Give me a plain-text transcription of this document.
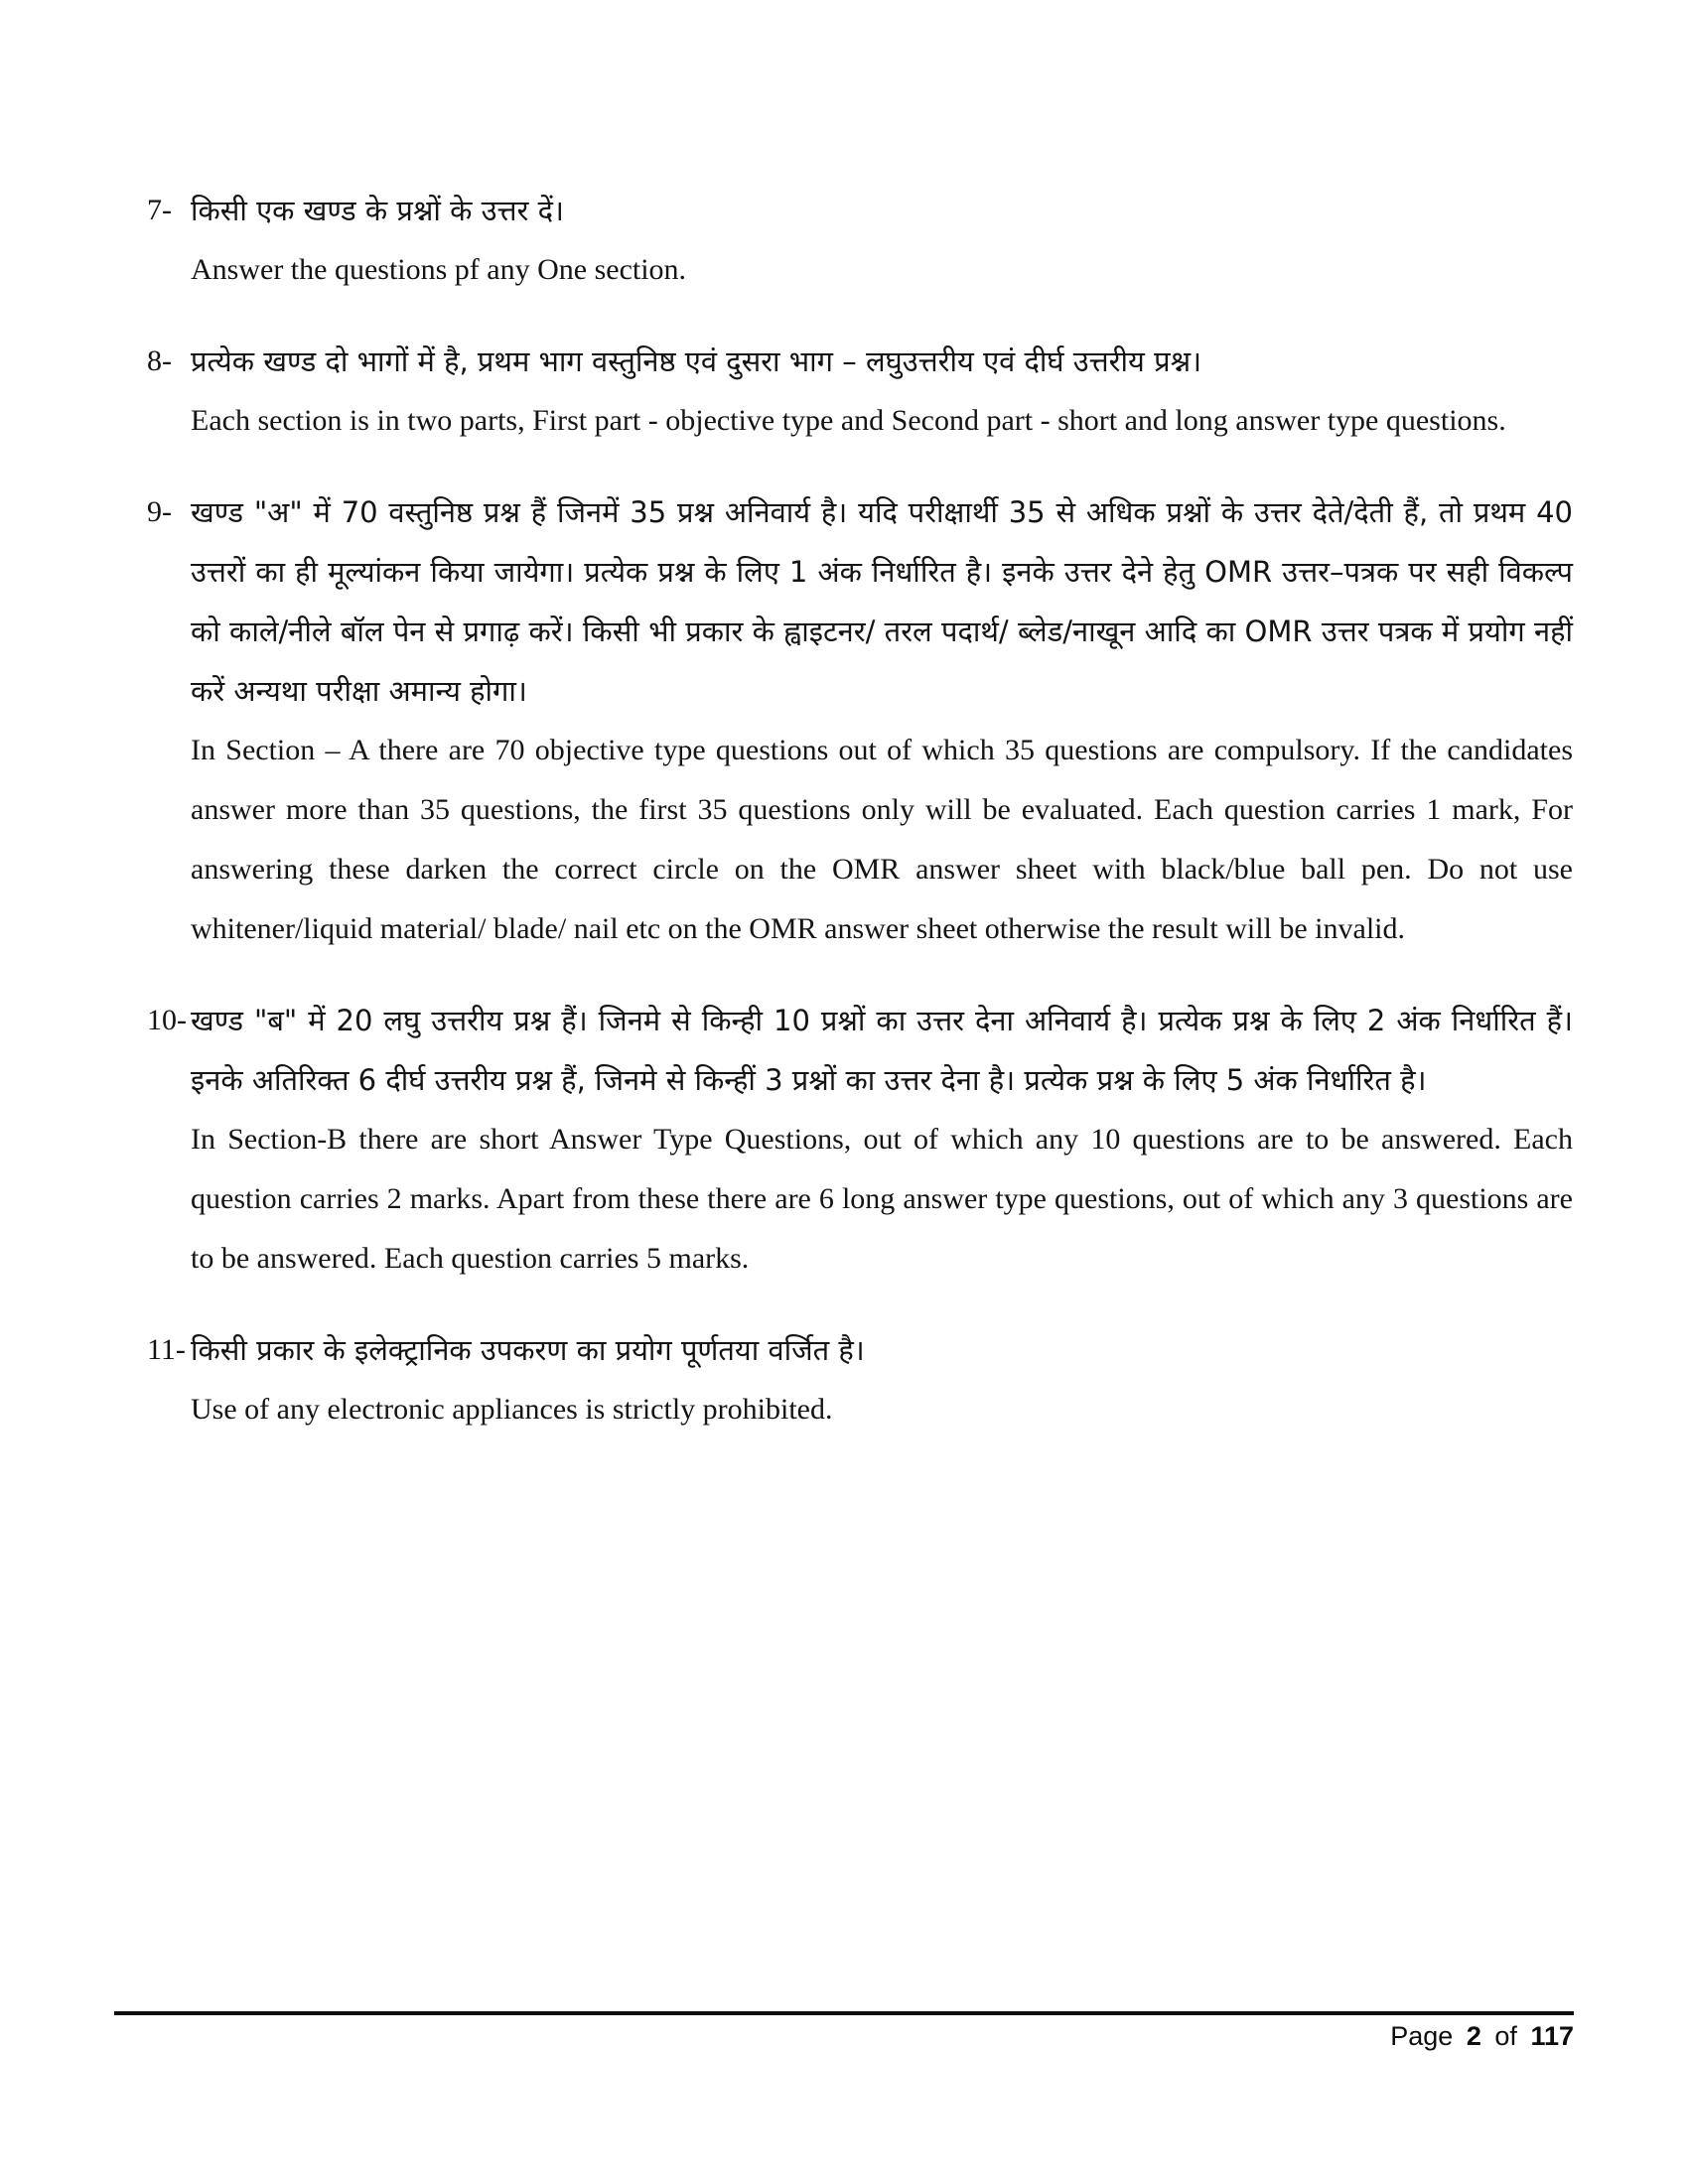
7- किसी एक खण्ड के प्रश्नों के उत्तर दें।

Answer the questions pf any One section.

8- प्रत्येक खण्ड दो भागों में है, प्रथम भाग वस्तुनिष्ठ एवं दुसरा भाग – लघुउत्तरीय एवं दीर्घ उत्तरीय प्रश्न।

Each section is in two parts, First part - objective type and Second part - short and long answer type questions.

9- खण्ड "अ" में 70 वस्तुनिष्ठ प्रश्न हैं जिनमें 35 प्रश्न अनिवार्य है। यदि परीक्षार्थी 35 से अधिक प्रश्नों के उत्तर देते/देती हैं, तो प्रथम 40 उत्तरों का ही मूल्यांकन किया जायेगा। प्रत्येक प्रश्न के लिए 1 अंक निर्धारित है। इनके उत्तर देने हेतु OMR उत्तर–पत्रक पर सही विकल्प को काले/नीले बॉल पेन से प्रगाढ़ करें। किसी भी प्रकार के ह्वाइटनर/ तरल पदार्थ/ ब्लेड/नाखून आदि का OMR उत्तर पत्रक में प्रयोग नहीं करें अन्यथा परीक्षा अमान्य होगा।

In Section – A there are 70 objective type questions out of which 35 questions are compulsory. If the candidates answer more than 35 questions, the first 35 questions only will be evaluated. Each question carries 1 mark, For answering these darken the correct circle on the OMR answer sheet with black/blue ball pen. Do not use whitener/liquid material/ blade/ nail etc on the OMR answer sheet otherwise the result will be invalid.

10- खण्ड "ब" में 20 लघु उत्तरीय प्रश्न हैं। जिनमे से किन्ही 10 प्रश्नों का उत्तर देना अनिवार्य है। प्रत्येक प्रश्न के लिए 2 अंक निर्धारित हैं। इनके अतिरिक्त 6 दीर्घ उत्तरीय प्रश्न हैं, जिनमे से किन्हीं 3 प्रश्नों का उत्तर देना है। प्रत्येक प्रश्न के लिए 5 अंक निर्धारित है।

In Section-B there are short Answer Type Questions, out of which any 10 questions are to be answered. Each question carries 2 marks. Apart from these there are 6 long answer type questions, out of which any 3 questions are to be answered. Each question carries 5 marks.

11- किसी प्रकार के इलेक्ट्रानिक उपकरण का प्रयोग पूर्णतया वर्जित है।

Use of any electronic appliances is strictly prohibited.

Page 2 of 117
